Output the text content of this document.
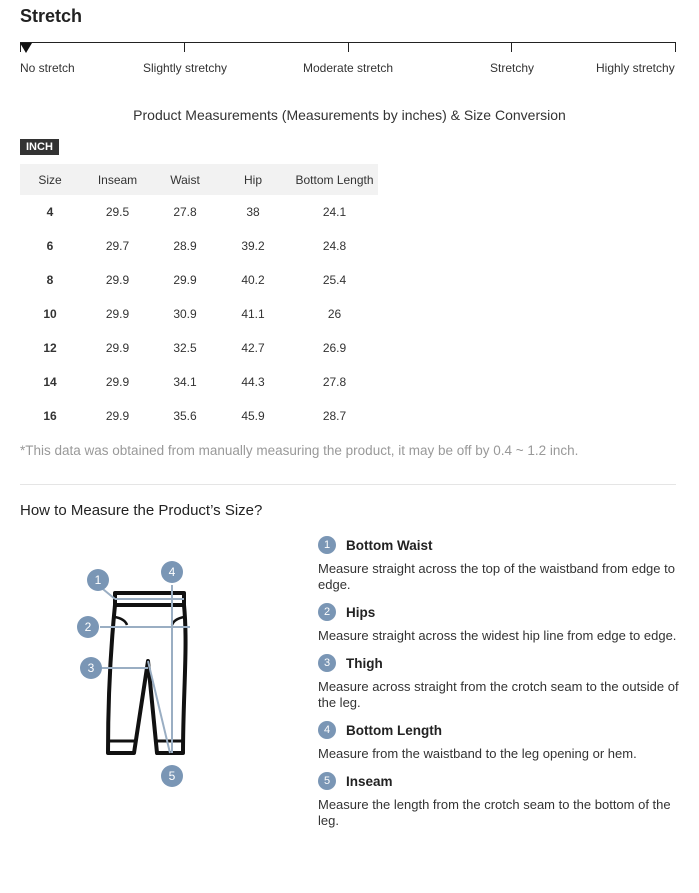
Stretch
No stretch	Slightly stretchy	Moderate stretch	Stretchy	Highly stretchy
Product Measurements (Measurements by inches) & Size Conversion
INCH
Size	Inseam	Waist	Hip	Bottom Length
4	29.5	27.8	38	24.1
6	29.7	28.9	39.2	24.8
8	29.9	29.9	40.2	25.4
10	29.9	30.9	41.1	26
12	29.9	32.5	42.7	26.9
14	29.9	34.1	44.3	27.8
16	29.9	35.6	45.9	28.7
*This data was obtained from manually measuring the product, it may be off by 0.4 ~ 1.2 inch.
How to Measure the Product’s Size?
1
2
3
4
5
1	Bottom Waist
Measure straight across the top of the waistband from edge to edge.
2	Hips
Measure straight across the widest hip line from edge to edge.
3	Thigh
Measure across straight from the crotch seam to the outside of the leg.
4	Bottom Length
Measure from the waistband to the leg opening or hem.
5	Inseam
Measure the length from the crotch seam to the bottom of the leg.
